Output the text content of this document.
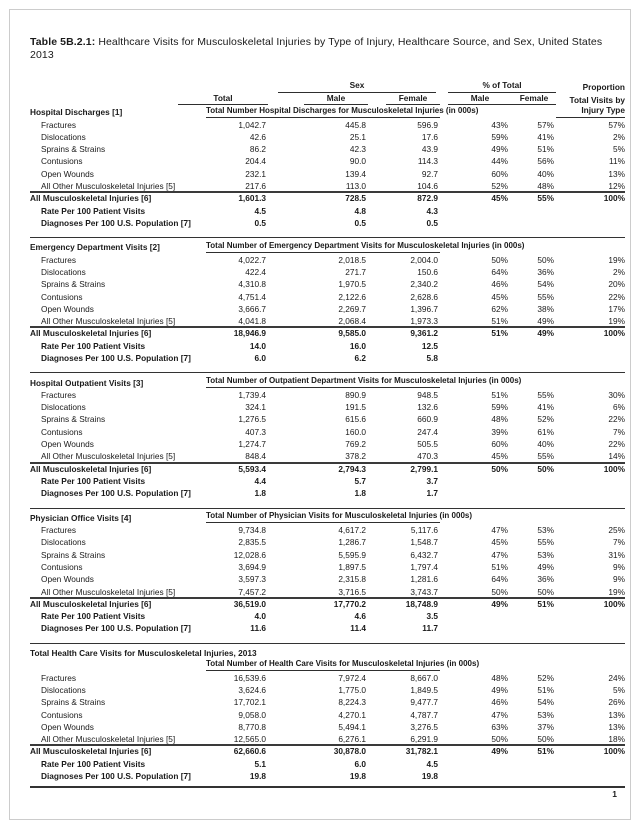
Table 5B.2.1: Healthcare Visits for Musculoskeletal Injuries by Type of Injury, Healthcare Source, and Sex, United States 2013
Sex	% of Total	Proportion
Total	Male	Female	Male	Female	Total Visits by
Hospital Discharges [1]	Total Number Hospital Discharges for Musculoskeletal Injuries (in 000s)	Injury Type
Fractures	1,042.7	445.8	596.9	43%	57%	57%
Dislocations	42.6	25.1	17.6	59%	41%	2%
Sprains & Strains	86.2	42.3	43.9	49%	51%	5%
Contusions	204.4	90.0	114.3	44%	56%	11%
Open Wounds	232.1	139.4	92.7	60%	40%	13%
All Other Musculoskeletal Injuries [5]	217.6	113.0	104.6	52%	48%	12%
All Musculoskeletal Injuries [6]	1,601.3	728.5	872.9	45%	55%	100%
Rate Per 100 Patient Visits	4.5	4.8	4.3
Diagnoses Per 100 U.S. Population [7]	0.5	0.5	0.5
Emergency Department Visits [2]	Total Number of Emergency Department Visits for Musculoskeletal Injuries (in 000s)
Fractures	4,022.7	2,018.5	2,004.0	50%	50%	19%
Dislocations	422.4	271.7	150.6	64%	36%	2%
Sprains & Strains	4,310.8	1,970.5	2,340.2	46%	54%	20%
Contusions	4,751.4	2,122.6	2,628.6	45%	55%	22%
Open Wounds	3,666.7	2,269.7	1,396.7	62%	38%	17%
All Other Musculoskeletal Injuries [5]	4,041.8	2,068.4	1,973.3	51%	49%	19%
All Musculoskeletal Injuries [6]	18,946.9	9,585.0	9,361.2	51%	49%	100%
Rate Per 100 Patient Visits	14.0	16.0	12.5
Diagnoses Per 100 U.S. Population [7]	6.0	6.2	5.8
Hospital Outpatient Visits [3]	Total Number of Outpatient Department Visits for Musculoskeletal Injuries (in 000s)
Fractures	1,739.4	890.9	948.5	51%	55%	30%
Dislocations	324.1	191.5	132.6	59%	41%	6%
Sprains & Strains	1,276.5	615.6	660.9	48%	52%	22%
Contusions	407.3	160.0	247.4	39%	61%	7%
Open Wounds	1,274.7	769.2	505.5	60%	40%	22%
All Other Musculoskeletal Injuries [5]	848.4	378.2	470.3	45%	55%	14%
All Musculoskeletal Injuries [6]	5,593.4	2,794.3	2,799.1	50%	50%	100%
Rate Per 100 Patient Visits	4.4	5.7	3.7
Diagnoses Per 100 U.S. Population [7]	1.8	1.8	1.7
Physician Office Visits [4]	Total Number of Physician Visits for Musculoskeletal Injuries (in 000s)
Fractures	9,734.8	4,617.2	5,117.6	47%	53%	25%
Dislocations	2,835.5	1,286.7	1,548.7	45%	55%	7%
Sprains & Strains	12,028.6	5,595.9	6,432.7	47%	53%	31%
Contusions	3,694.9	1,897.5	1,797.4	51%	49%	9%
Open Wounds	3,597.3	2,315.8	1,281.6	64%	36%	9%
All Other Musculoskeletal Injuries [5]	7,457.2	3,716.5	3,743.7	50%	50%	19%
All Musculoskeletal Injuries [6]	36,519.0	17,770.2	18,748.9	49%	51%	100%
Rate Per 100 Patient Visits	4.0	4.6	3.5
Diagnoses Per 100 U.S. Population [7]	11.6	11.4	11.7
Total Health Care Visits for Musculoskeletal Injuries, 2013
Total Number of Health Care Visits for Musculoskeletal Injuries (in 000s)
Fractures	16,539.6	7,972.4	8,667.0	48%	52%	24%
Dislocations	3,624.6	1,775.0	1,849.5	49%	51%	5%
Sprains & Strains	17,702.1	8,224.3	9,477.7	46%	54%	26%
Contusions	9,058.0	4,270.1	4,787.7	47%	53%	13%
Open Wounds	8,770.8	5,494.1	3,276.5	63%	37%	13%
All Other Musculoskeletal Injuries [5]	12,565.0	6,276.1	6,291.9	50%	50%	18%
All Musculoskeletal Injuries [6]	62,660.6	30,878.0	31,782.1	49%	51%	100%
Rate Per 100 Patient Visits	5.1	6.0	4.5
Diagnoses Per 100 U.S. Population [7]	19.8	19.8	19.8
1
